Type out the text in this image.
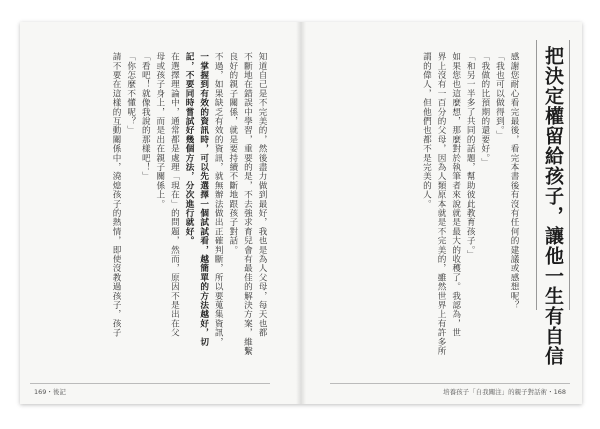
把決定權留給孩子，讓他一生有自信
感謝您耐心看完最後，看完本書後有沒有任何的建議或感想呢？
「我也可以做得到。」
「我做的比預期的還要好。」
「和另一半多了共同的話題，幫助彼此教育孩子。」
如果您也這麼想，那麼對於執筆者來說就是最大的收穫了。我認為，世
界上沒有一百分的父母，因為人類原本就是不完美的，雖然世界上有許多所
謂的偉人，但他們也都不是完美的人。
知道自己是不完美的，然後盡力做到最好，我也是為人父母，每天也都
不斷地在錯誤中學習，重要的是，不去強求育兒會有最佳的解決方案，維繫
良好的親子關係，就是要持續不斷地跟孩子對話。
不過，如果缺乏有效的資訊，就無辦法做出正確判斷，所以要蒐集資訊，
一掌握到有效的資訊時，可以先選擇一個試試看，越簡單的方法越好，切
記，不要同時嘗試好幾個方法，分次進行就好。
在選擇理論中，通常都是處理「現在」的問題，然而，原因不是出在父
母或孩子身上，而是出在親子關係上。
「看吧！就像我說的那樣吧！」
「你怎麼不懂呢？」
請不要在這樣的互動關係中，澆熄孩子的熱情，即使沒教過孩子，孩子
169・後記	培養孩子「自我關注」的親子對話術・168
